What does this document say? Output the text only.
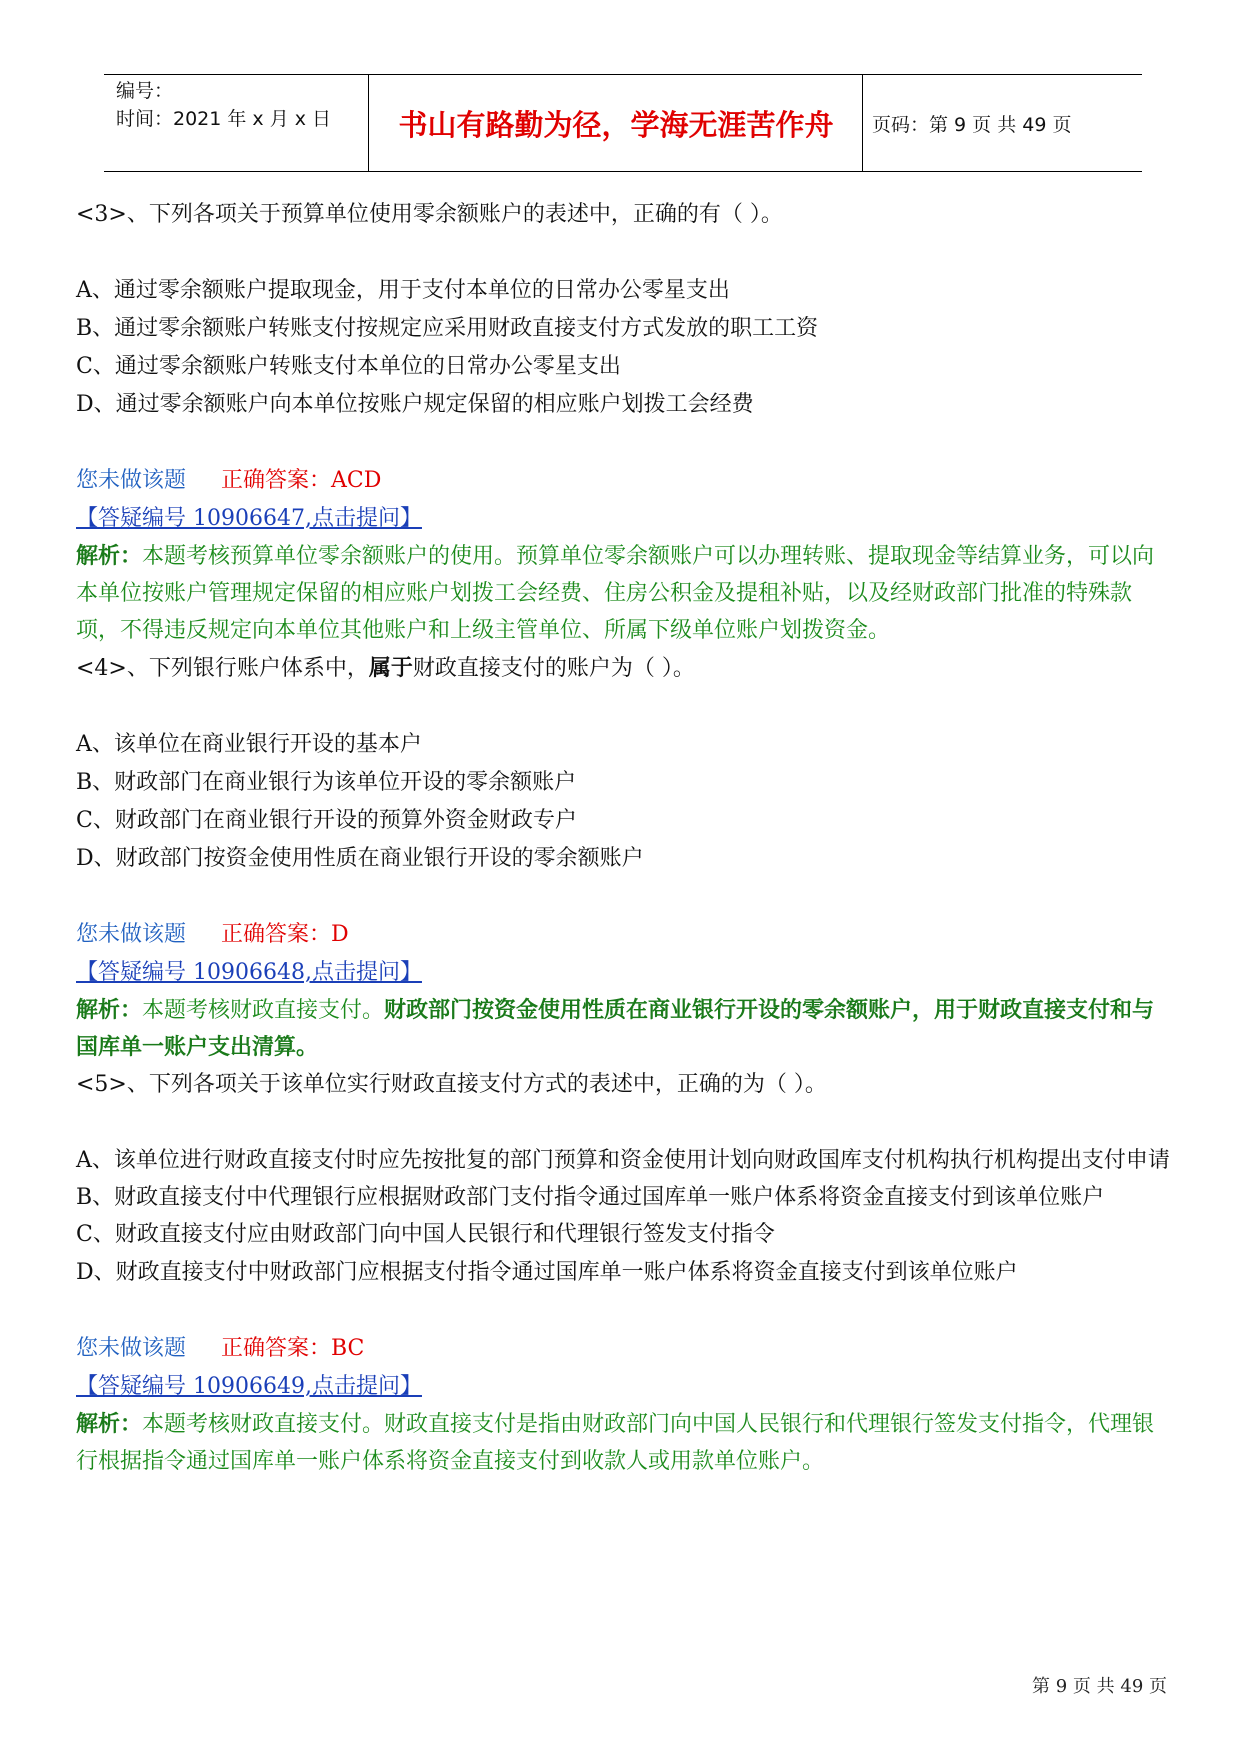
编号：
时间：2021 年 x 月 x 日	书山有路勤为径，学海无涯苦作舟	页码：第 9 页 共 49 页
<3>、下列各项关于预算单位使用零余额账户的表述中，正确的有（ ）。
A、通过零余额账户提取现金，用于支付本单位的日常办公零星支出
B、通过零余额账户转账支付按规定应采用财政直接支付方式发放的职工工资
C、通过零余额账户转账支付本单位的日常办公零星支出
D、通过零余额账户向本单位按账户规定保留的相应账户划拨工会经费
您未做该题 正确答案：ACD
【答疑编号 10906647,点击提问】
解析：本题考核预算单位零余额账户的使用。预算单位零余额账户可以办理转账、提取现金等结算业务，可以向本单位按账户管理规定保留的相应账户划拨工会经费、住房公积金及提租补贴，以及经财政部门批准的特殊款项，不得违反规定向本单位其他账户和上级主管单位、所属下级单位账户划拨资金。
<4>、下列银行账户体系中，属于财政直接支付的账户为（ ）。
A、该单位在商业银行开设的基本户
B、财政部门在商业银行为该单位开设的零余额账户
C、财政部门在商业银行开设的预算外资金财政专户
D、财政部门按资金使用性质在商业银行开设的零余额账户
您未做该题 正确答案：D
【答疑编号 10906648,点击提问】
解析：本题考核财政直接支付。财政部门按资金使用性质在商业银行开设的零余额账户，用于财政直接支付和与国库单一账户支出清算。
<5>、下列各项关于该单位实行财政直接支付方式的表述中，正确的为（ ）。
A、该单位进行财政直接支付时应先按批复的部门预算和资金使用计划向财政国库支付机构执行机构提出支付申请
B、财政直接支付中代理银行应根据财政部门支付指令通过国库单一账户体系将资金直接支付到该单位账户
C、财政直接支付应由财政部门向中国人民银行和代理银行签发支付指令
D、财政直接支付中财政部门应根据支付指令通过国库单一账户体系将资金直接支付到该单位账户
您未做该题 正确答案：BC
【答疑编号 10906649,点击提问】
解析：本题考核财政直接支付。财政直接支付是指由财政部门向中国人民银行和代理银行签发支付指令，代理银行根据指令通过国库单一账户体系将资金直接支付到收款人或用款单位账户。
第 9 页 共 49 页
